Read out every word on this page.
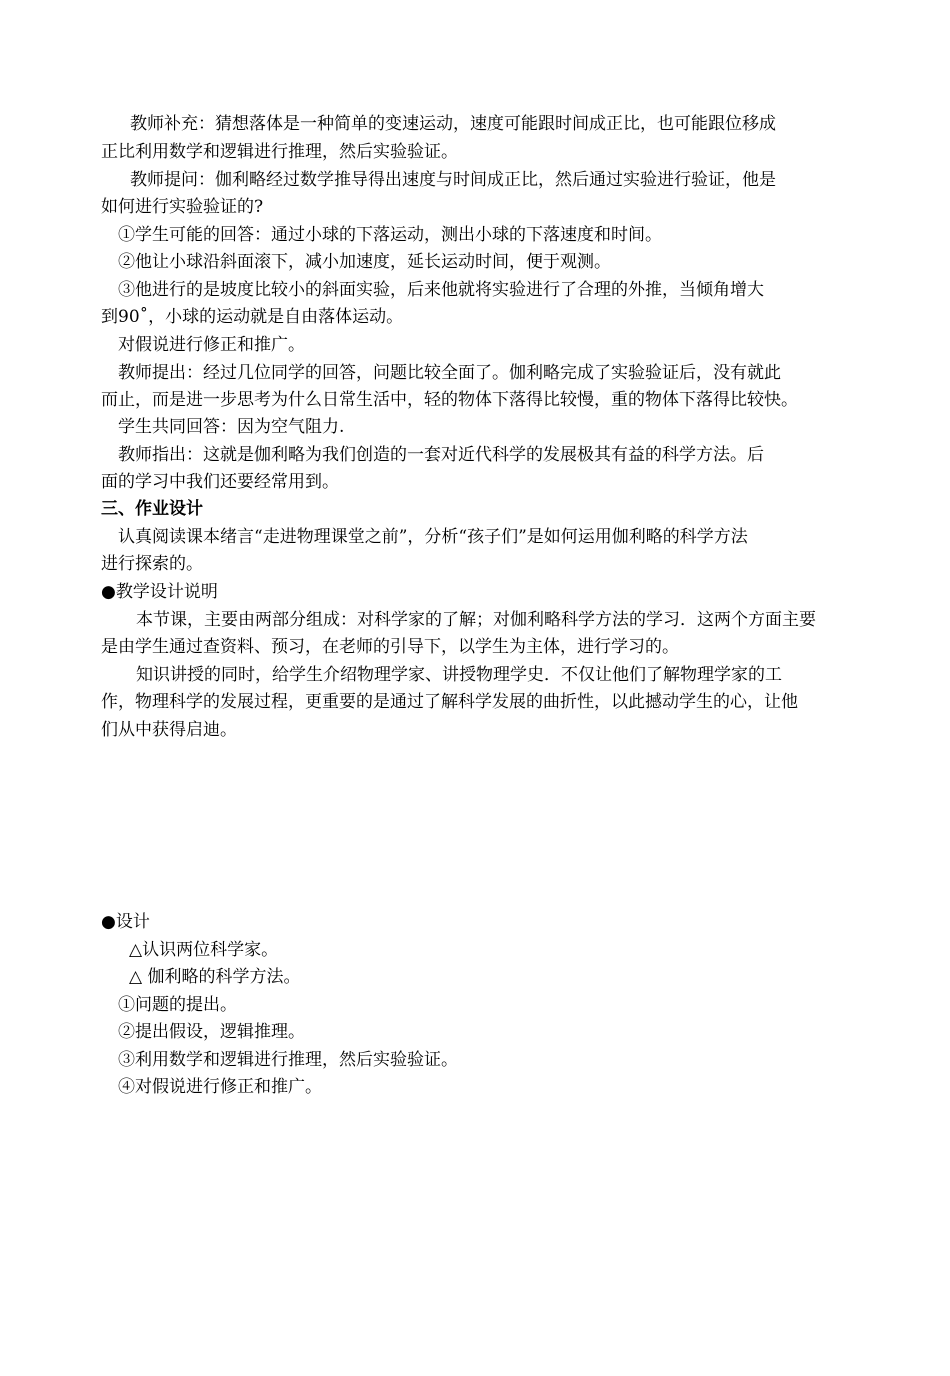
教师补充：猜想落体是一种简单的变速运动，速度可能跟时间成正比，也可能跟位移成
正比利用数学和逻辑进行推理，然后实验验证。
教师提问：伽利略经过数学推导得出速度与时间成正比，然后通过实验进行验证，他是
如何进行实验验证的?
①学生可能的回答：通过小球的下落运动，测出小球的下落速度和时间。
②他让小球沿斜面滚下，减小加速度，延长运动时间，便于观测。
③他进行的是坡度比较小的斜面实验，后来他就将实验进行了合理的外推，当倾角增大
到90˚，小球的运动就是自由落体运动。
对假说进行修正和推广。
教师提出：经过几位同学的回答，问题比较全面了。伽利略完成了实验验证后，没有就此
而止，而是进一步思考为什么日常生活中，轻的物体下落得比较慢，重的物体下落得比较快。
学生共同回答：因为空气阻力.
教师指出：这就是伽利略为我们创造的一套对近代科学的发展极其有益的科学方法。后
面的学习中我们还要经常用到。
三、作业设计
认真阅读课本绪言“走进物理课堂之前”，分析“孩子们”是如何运用伽利略的科学方法
进行探索的。
●教学设计说明
本节课，主要由两部分组成：对科学家的了解；对伽利略科学方法的学习．这两个方面主要
是由学生通过查资料、预习，在老师的引导下，以学生为主体，进行学习的。
知识讲授的同时，给学生介绍物理学家、讲授物理学史．不仅让他们了解物理学家的工
作，物理科学的发展过程，更重要的是通过了解科学发展的曲折性，以此撼动学生的心，让他
们从中获得启迪。
●设计
△认识两位科学家。
△ 伽利略的科学方法。
①问题的提出。
②提出假设，逻辑推理。
③利用数学和逻辑进行推理，然后实验验证。
④对假说进行修正和推广。
